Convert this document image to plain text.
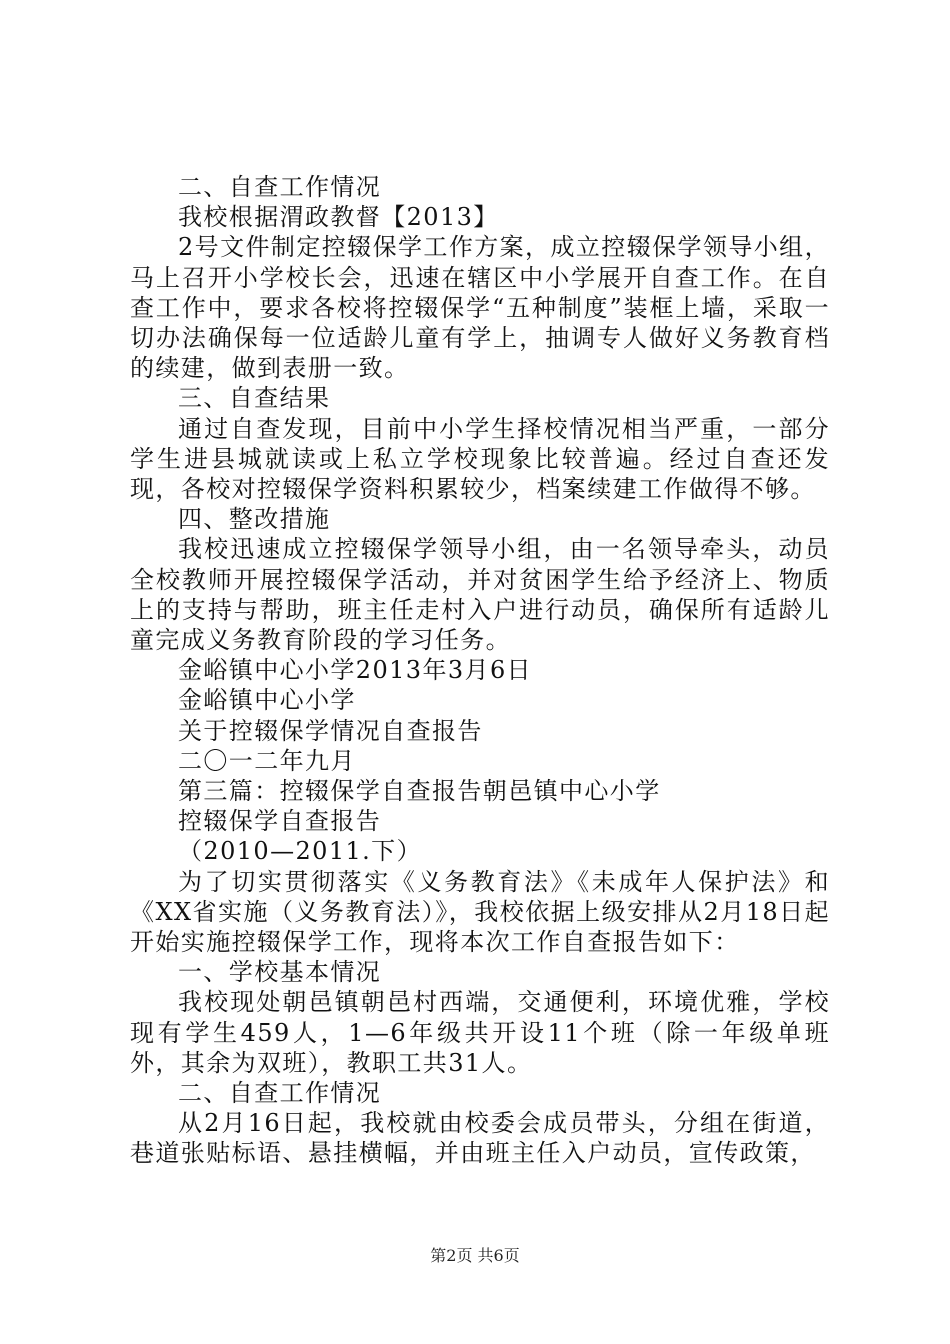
二、自查工作情况
我校根据渭政教督【2013】
2号文件制定控辍保学工作方案，成立控辍保学领导小组，马上召开小学校长会，迅速在辖区中小学展开自查工作。在自查工作中，要求各校将控辍保学“五种制度”装框上墙，采取一切办法确保每一位适龄儿童有学上，抽调专人做好义务教育档的续建，做到表册一致。
三、自查结果
通过自查发现，目前中小学生择校情况相当严重，一部分学生进县城就读或上私立学校现象比较普遍。经过自查还发现，各校对控辍保学资料积累较少，档案续建工作做得不够。
四、整改措施
我校迅速成立控辍保学领导小组，由一名领导牵头，动员全校教师开展控辍保学活动，并对贫困学生给予经济上、物质上的支持与帮助，班主任走村入户进行动员，确保所有适龄儿童完成义务教育阶段的学习任务。
金峪镇中心小学2013年3月6日
金峪镇中心小学
关于控辍保学情况自查报告
二〇一二年九月
第三篇：控辍保学自查报告朝邑镇中心小学
控辍保学自查报告
（2010—2011.下）
为了切实贯彻落实《义务教育法》《未成年人保护法》和《XX省实施（义务教育法）》，我校依据上级安排从2月18日起开始实施控辍保学工作，现将本次工作自查报告如下：
一、学校基本情况
我校现处朝邑镇朝邑村西端，交通便利，环境优雅，学校现有学生459人，1—6年级共开设11个班（除一年级单班外，其余为双班），教职工共31人。
二、自查工作情况
从2月16日起，我校就由校委会成员带头，分组在街道，巷道张贴标语、悬挂横幅，并由班主任入户动员，宣传政策，
第2页 共6页
